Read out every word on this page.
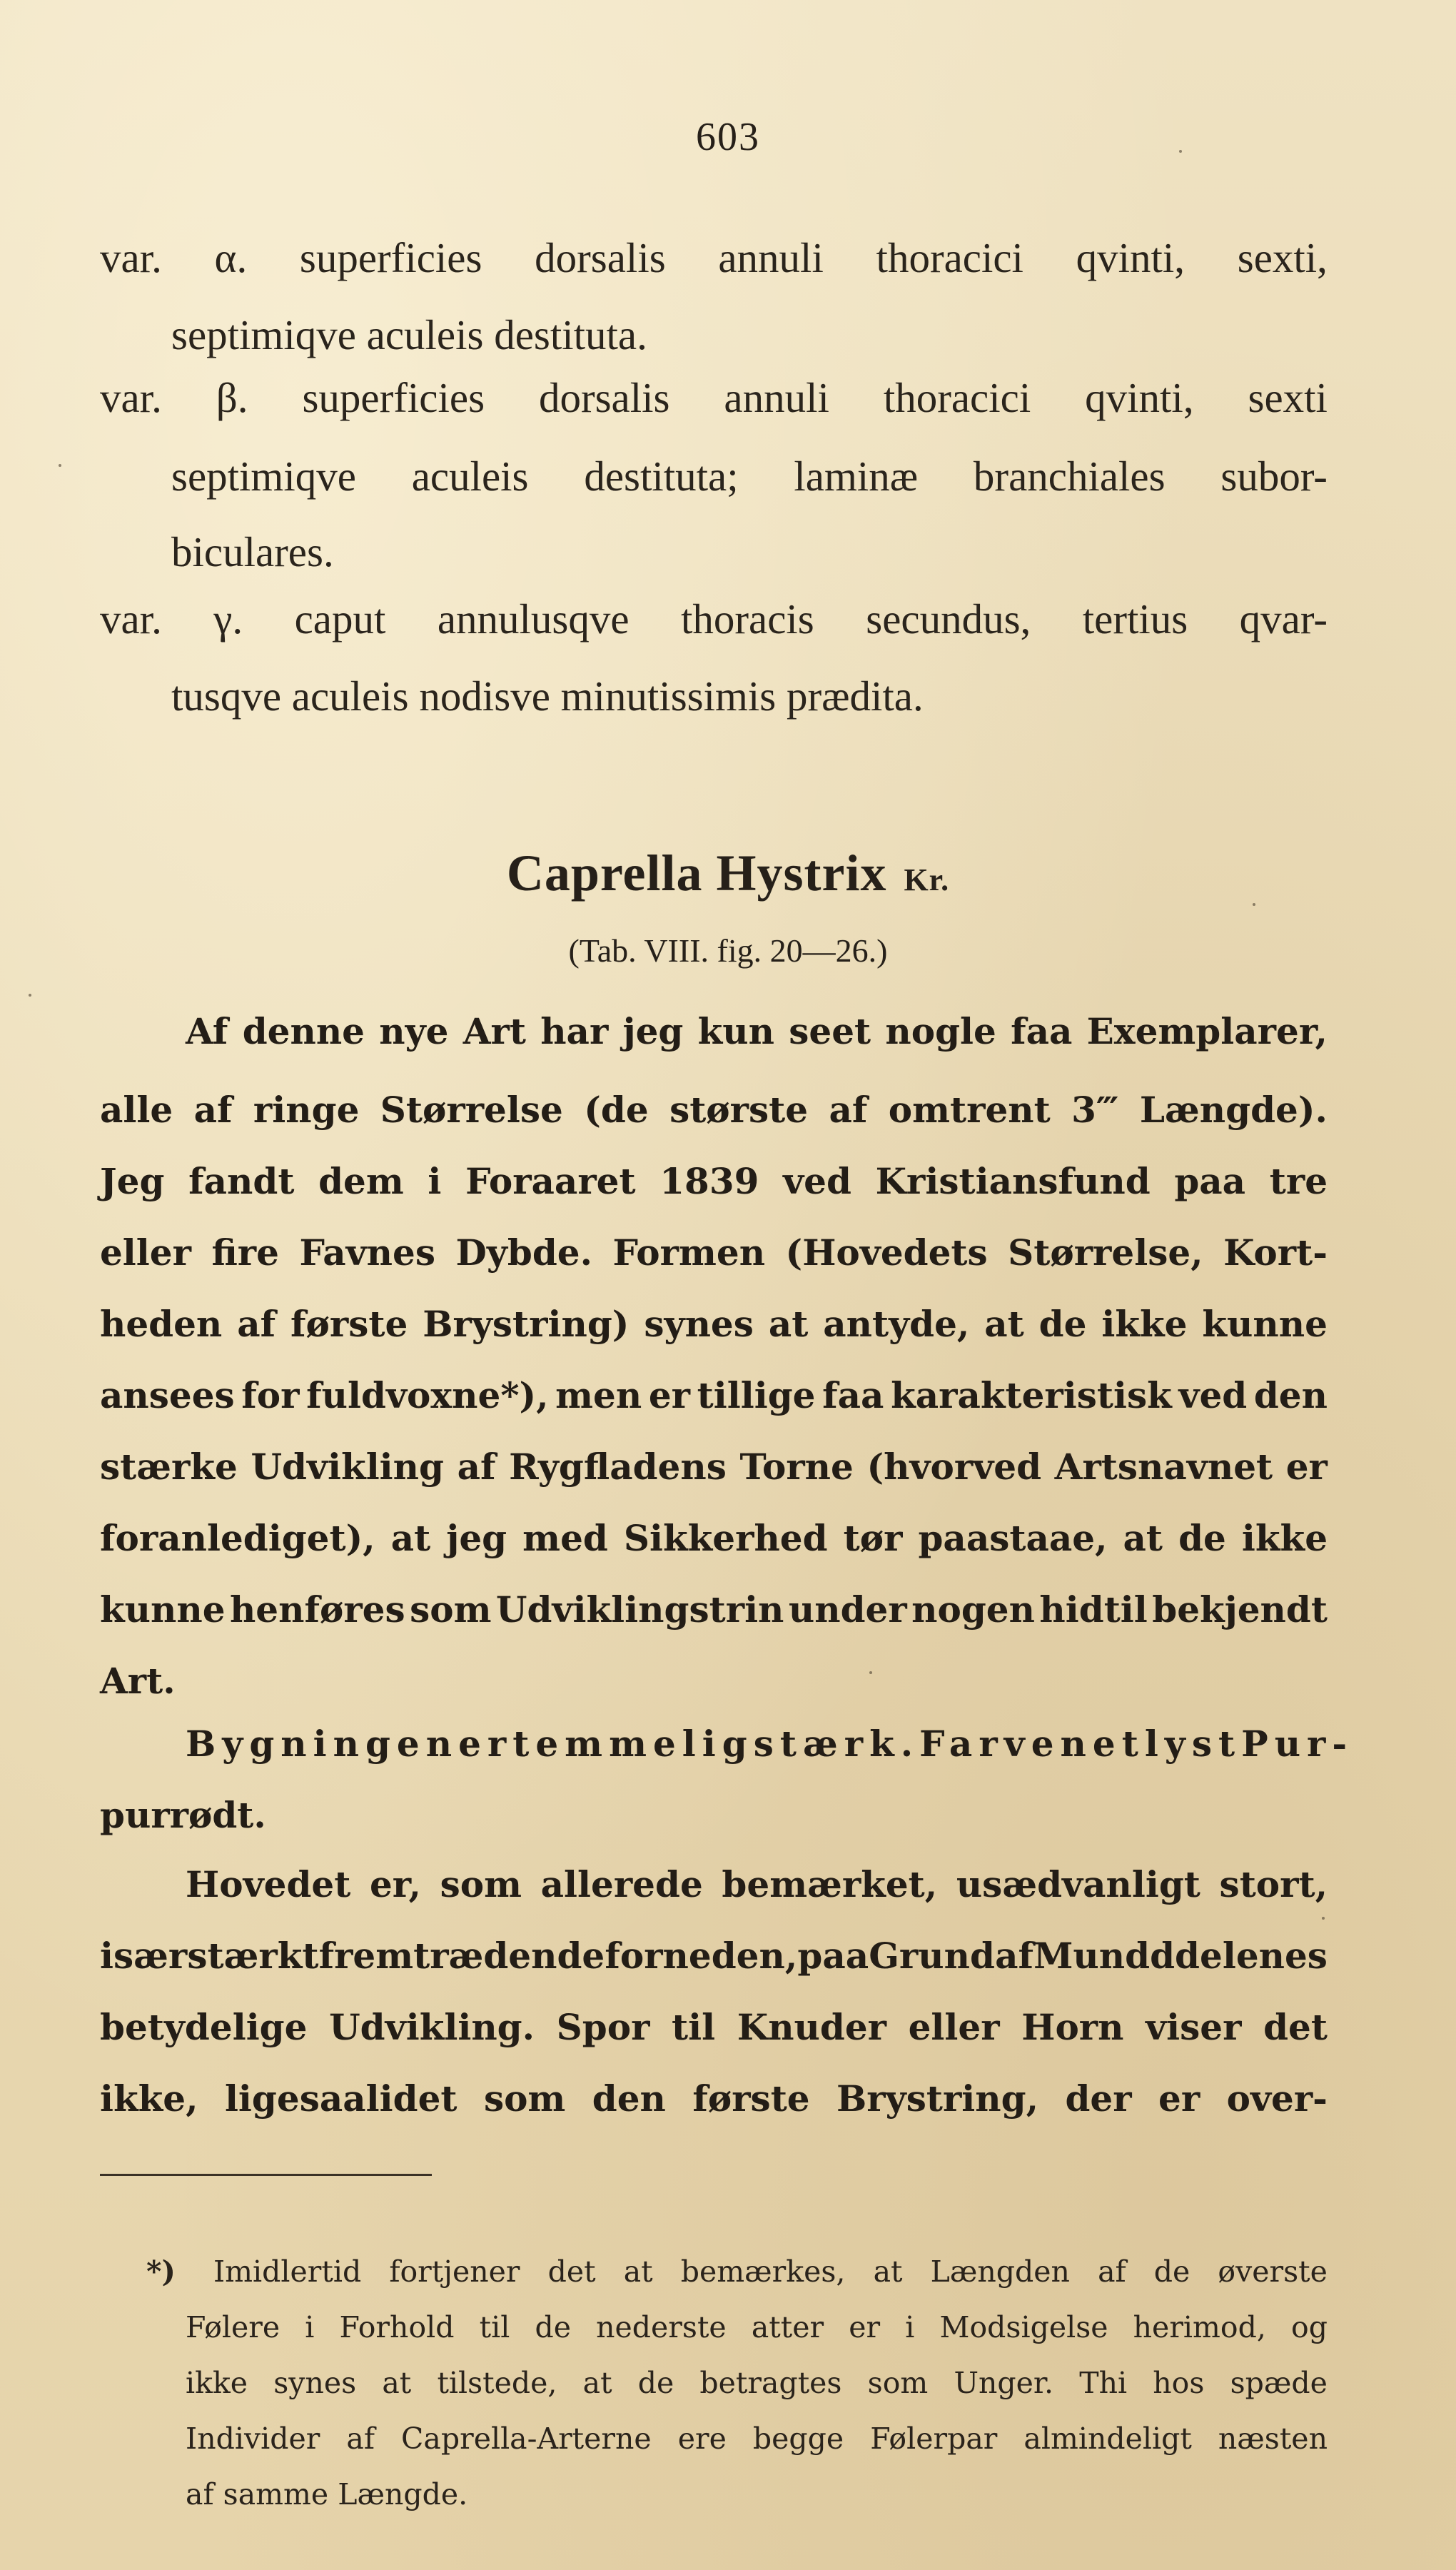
603
var. α. superficies dorsalis annuli thoracici qvinti, sexti,
septimiqve aculeis destituta.
var. β. superficies dorsalis annuli thoracici qvinti, sexti
septimiqve aculeis destituta; laminæ branchiales subor-
biculares.
var. γ. caput annulusqve thoracis secundus, tertius qvar-
tusqve aculeis nodisve minutissimis prædita.
Caprella Hystrix Kr.
(Tab. VIII. fig. 20—26.)
Af denne nye Art har jeg kun seet nogle faa Exemplarer,
alle af ringe Størrelse (de største af omtrent 3‴ Længde).
Jeg fandt dem i Foraaret 1839 ved Kristiansfund paa tre
eller fire Favnes Dybde. Formen (Hovedets Størrelse, Kort-
heden af første Brystring) synes at antyde, at de ikke kunne
ansees for fuldvoxne*), men er tillige faa karakteristisk ved den
stærke Udvikling af Rygfladens Torne (hvorved Artsnavnet er
foranlediget), at jeg med Sikkerhed tør paastaae, at de ikke
kunne henføres som Udviklingstrin under nogen hidtil bekjendt
Art.
Bygningen er temmelig stærk. Farven et lyst Pur-
purrødt.
Hovedet er, som allerede bemærket, usædvanligt stort,
især stærkt fremtrædende forneden, paa Grund af Mundddelenes
betydelige Udvikling. Spor til Knuder eller Horn viser det
ikke, ligesaalidet som den første Brystring, der er over-
*) Imidlertid fortjener det at bemærkes, at Længden af de øverste
Følere i Forhold til de nederste atter er i Modsigelse herimod, og
ikke synes at tilstede, at de betragtes som Unger. Thi hos spæde
Individer af Caprella-Arterne ere begge Følerpar almindeligt næsten
af samme Længde.
